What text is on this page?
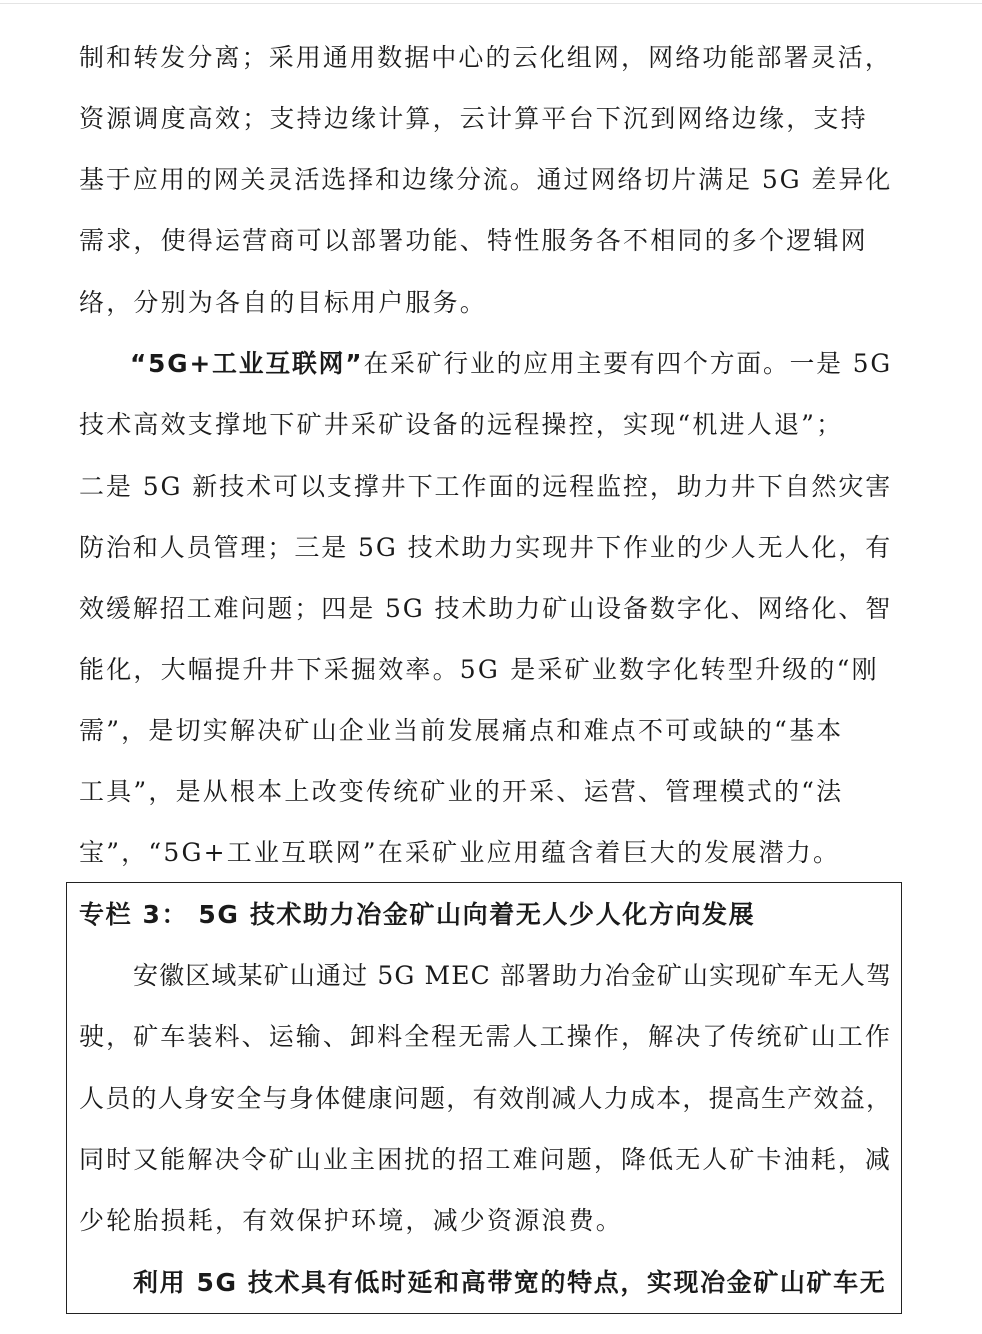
制和转发分离；采用通用数据中心的云化组网，网络功能部署灵活，
资源调度高效；支持边缘计算，云计算平台下沉到网络边缘，支持
基于应用的网关灵活选择和边缘分流。通过网络切片满足 5G 差异化
需求，使得运营商可以部署功能、特性服务各不相同的多个逻辑网
络，分别为各自的目标用户服务。
“5G+工业互联网”在采矿行业的应用主要有四个方面。一是 5G
技术高效支撑地下矿井采矿设备的远程操控，实现“机进人退”；
二是 5G 新技术可以支撑井下工作面的远程监控，助力井下自然灾害
防治和人员管理；三是 5G 技术助力实现井下作业的少人无人化，有
效缓解招工难问题；四是 5G 技术助力矿山设备数字化、网络化、智
能化，大幅提升井下采掘效率。5G 是采矿业数字化转型升级的“刚
需”，是切实解决矿山企业当前发展痛点和难点不可或缺的“基本
工具”，是从根本上改变传统矿业的开采、运营、管理模式的“法
宝”，“5G+工业互联网”在采矿业应用蕴含着巨大的发展潜力。
专栏 3： 5G 技术助力冶金矿山向着无人少人化方向发展
安徽区域某矿山通过 5G MEC 部署助力冶金矿山实现矿车无人驾
驶，矿车装料、运输、卸料全程无需人工操作，解决了传统矿山工作
人员的人身安全与身体健康问题，有效削减人力成本，提高生产效益，
同时又能解决令矿山业主困扰的招工难问题，降低无人矿卡油耗，减
少轮胎损耗，有效保护环境，减少资源浪费。
利用 5G 技术具有低时延和高带宽的特点，实现冶金矿山矿车无
